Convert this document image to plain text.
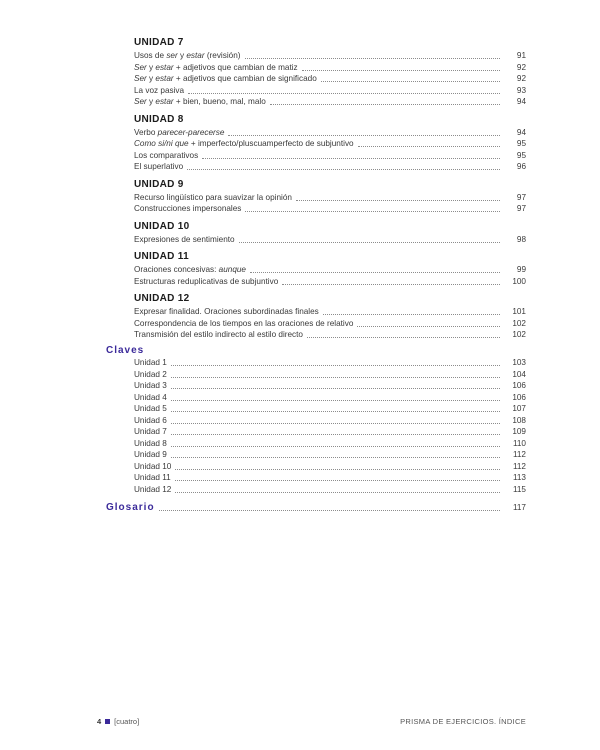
UNIDAD 7
Usos de ser y estar (revisión)	91
Ser y estar + adjetivos que cambian de matiz	92
Ser y estar + adjetivos que cambian de significado	92
La voz pasiva	93
Ser y estar + bien, bueno, mal, malo	94
UNIDAD 8
Verbo parecer-parecerse	94
Como si/ni que + imperfecto/pluscuamperfecto de subjuntivo	95
Los comparativos	95
El superlativo	96
UNIDAD 9
Recurso lingüístico para suavizar la opinión	97
Construcciones impersonales	97
UNIDAD 10
Expresiones de sentimiento	98
UNIDAD 11
Oraciones concesivas: aunque	99
Estructuras reduplicativas de subjuntivo	100
UNIDAD 12
Expresar finalidad. Oraciones subordinadas finales	101
Correspondencia de los tiempos en las oraciones de relativo	102
Transmisión del estilo indirecto al estilo directo	102
Claves
Unidad 1	103
Unidad 2	104
Unidad 3	106
Unidad 4	106
Unidad 5	107
Unidad 6	108
Unidad 7	109
Unidad 8	110
Unidad 9	112
Unidad 10	112
Unidad 11	113
Unidad 12	115
Glosario	117
4 [cuatro]	PRISMA DE EJERCICIOS. ÍNDICE
